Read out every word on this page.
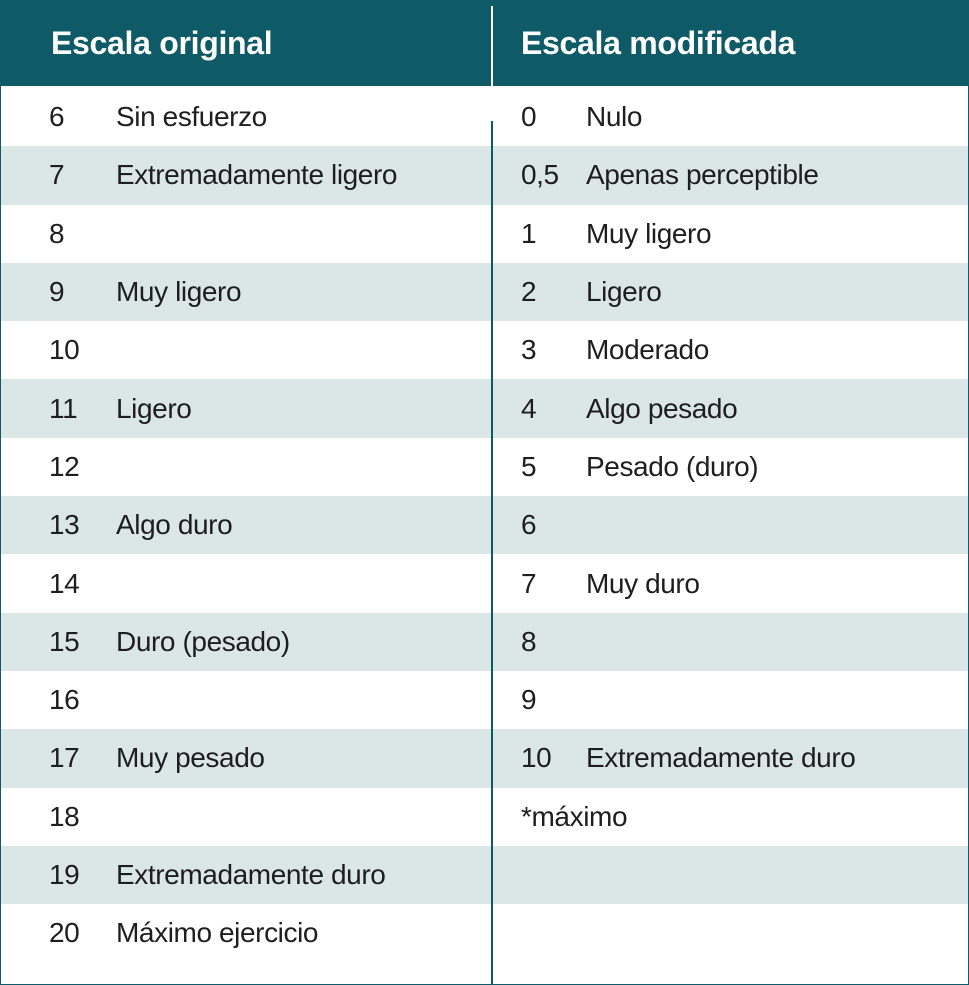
Escala original	Escala modificada
6 Sin esfuerzo	0 Nulo
7 Extremadamente ligero	0,5 Apenas perceptible
8	1 Muy ligero
9 Muy ligero	2 Ligero
10	3 Moderado
11 Ligero	4 Algo pesado
12	5 Pesado (duro)
13 Algo duro	6
14	7 Muy duro
15 Duro (pesado)	8
16	9
17 Muy pesado	10 Extremadamente duro
18	*máximo
19 Extremadamente duro
20 Máximo ejercicio
